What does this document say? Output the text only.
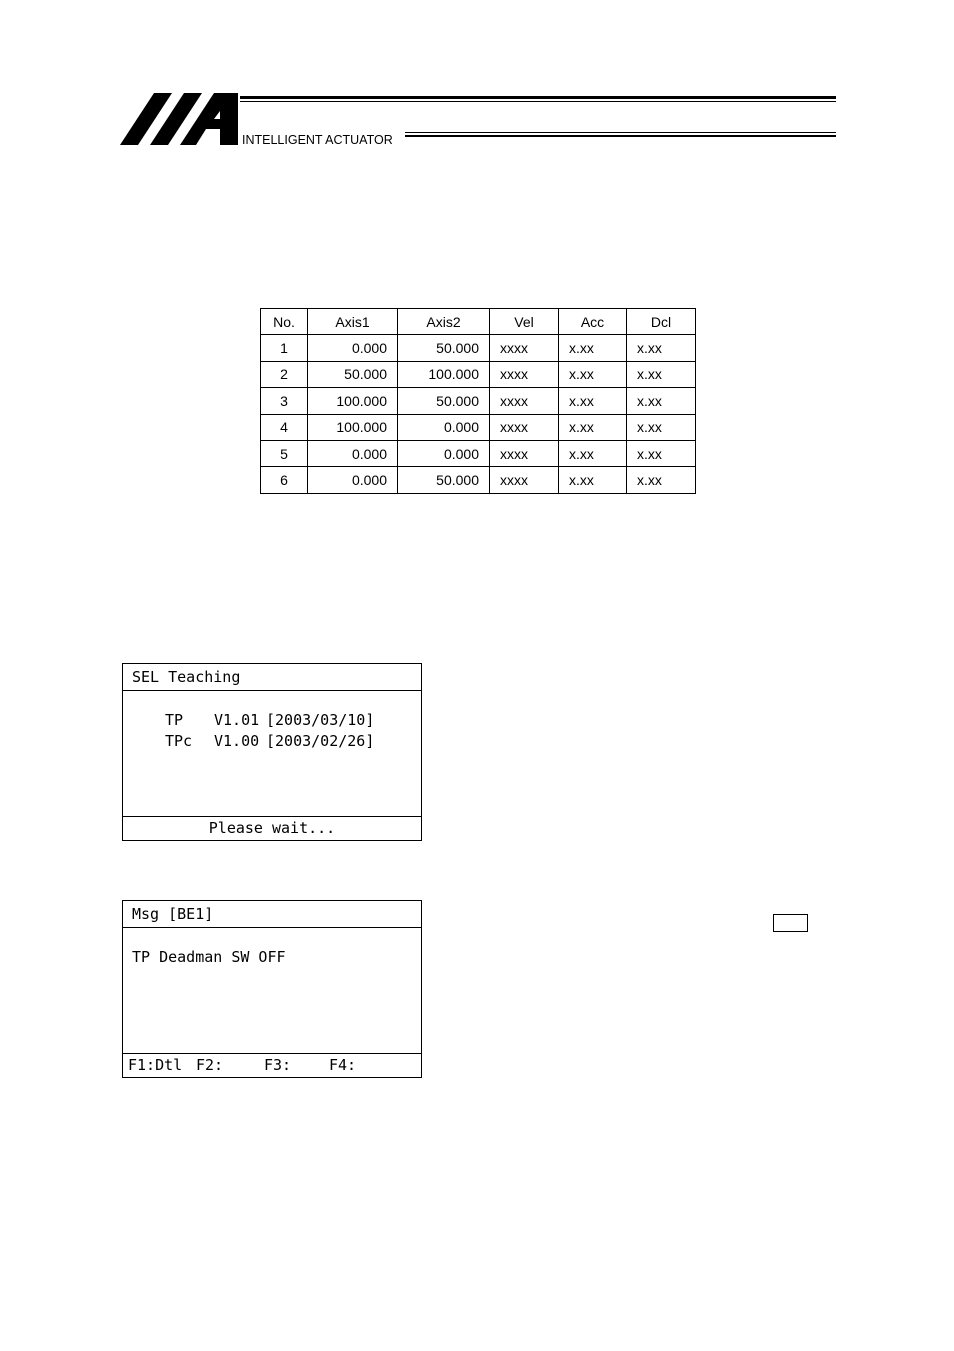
INTELLIGENT ACTUATOR
No.	Axis1	Axis2	Vel	Acc	Dcl
1	0.000	50.000	xxxx	x.xx	x.xx
2	50.000	100.000	xxxx	x.xx	x.xx
3	100.000	50.000	xxxx	x.xx	x.xx
4	100.000	0.000	xxxx	x.xx	x.xx
5	0.000	0.000	xxxx	x.xx	x.xx
6	0.000	50.000	xxxx	x.xx	x.xx
SEL Teaching
TP V1.01 [2003/03/10]
TPc V1.00 [2003/02/26]
Please wait...
Msg [BE1]
TP Deadman SW OFF
F1:Dtl F2:	F3:	F4:
